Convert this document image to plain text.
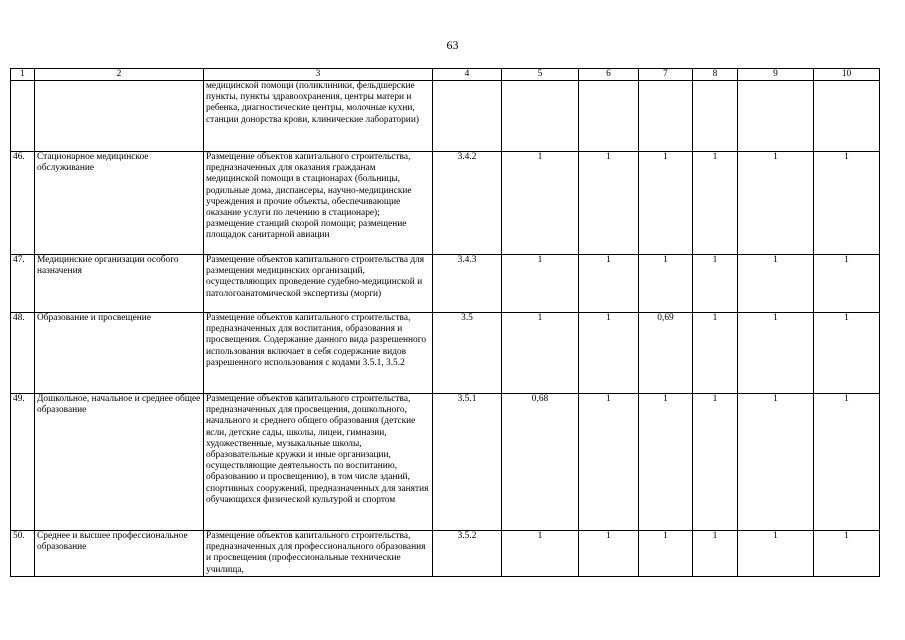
63
1	2	3	4	5	6	7	8	9	10
		медицинской помощи (поликлиники, фельдшерские пункты, пункты здравоохранения, центры матери и ребенка, диагностические центры, молочные кухни, станции донорства крови, клинические лаборатории)							
46.	Стационарное медицинское обслуживание	Размещение объектов капитального строительства, предназначенных для оказания гражданам медицинской помощи в стационарах (больницы, родильные дома, диспансеры, научно-медицинские учреждения и прочие объекты, обеспечивающие оказание услуги по лечению в стационаре); размещение станций скорой помощи; размещение площадок санитарной авиации	3.4.2	1	1	1	1	1	1
47.	Медицинские организации особого назначения	Размещение объектов капитального строительства для размещения медицинских организаций, осуществляющих проведение судебно-медицинской и патологоанатомической экспертизы (морги)	3.4.3	1	1	1	1	1	1
48.	Образование и просвещение	Размещение объектов капитального строительства, предназначенных для воспитания, образования и просвещения. Содержание данного вида разрешенного использования включает в себя содержание видов разрешенного использования с кодами 3.5.1, 3.5.2	3.5	1	1	0,69	1	1	1
49.	Дошкольное, начальное и среднее общее образование	Размещение объектов капитального строительства, предназначенных для просвещения, дошкольного, начального и среднего общего образования (детские ясли, детские сады, школы, лицеи, гимназии, художественные, музыкальные школы, образовательные кружки и иные организации, осуществляющие деятельность по воспитанию, образованию и просвещению), в том числе зданий, спортивных сооружений, предназначенных для занятия обучающихся физической культурой и спортом	3.5.1	0,68	1	1	1	1	1
50.	Среднее и высшее профессиональное образование	Размещение объектов капитального строительства, предназначенных для профессионального образования и просвещения (профессиональные технические училища,	3.5.2	1	1	1	1	1	1
